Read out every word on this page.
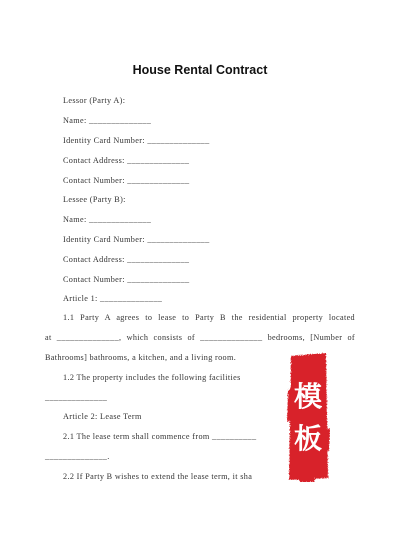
House Rental Contract
Lessor (Party A):
Name: ______________
Identity Card Number: ______________
Contact Address: ______________
Contact Number: ______________
Lessee (Party B):
Name: ______________
Identity Card Number: ______________
Contact Address: ______________
Contact Number: ______________
Article 1: ______________
1.1 Party A agrees to lease to Party B the residential property located
at ______________, which consists of ______________ bedrooms, [Number of
Bathrooms] bathrooms, a kitchen, and a living room.
1.2 The property includes the following facilities
______________
Article 2: Lease Term
2.1 The lease term shall commence from __________
______________.
2.2 If Party B wishes to extend the lease term, it sha
模板
